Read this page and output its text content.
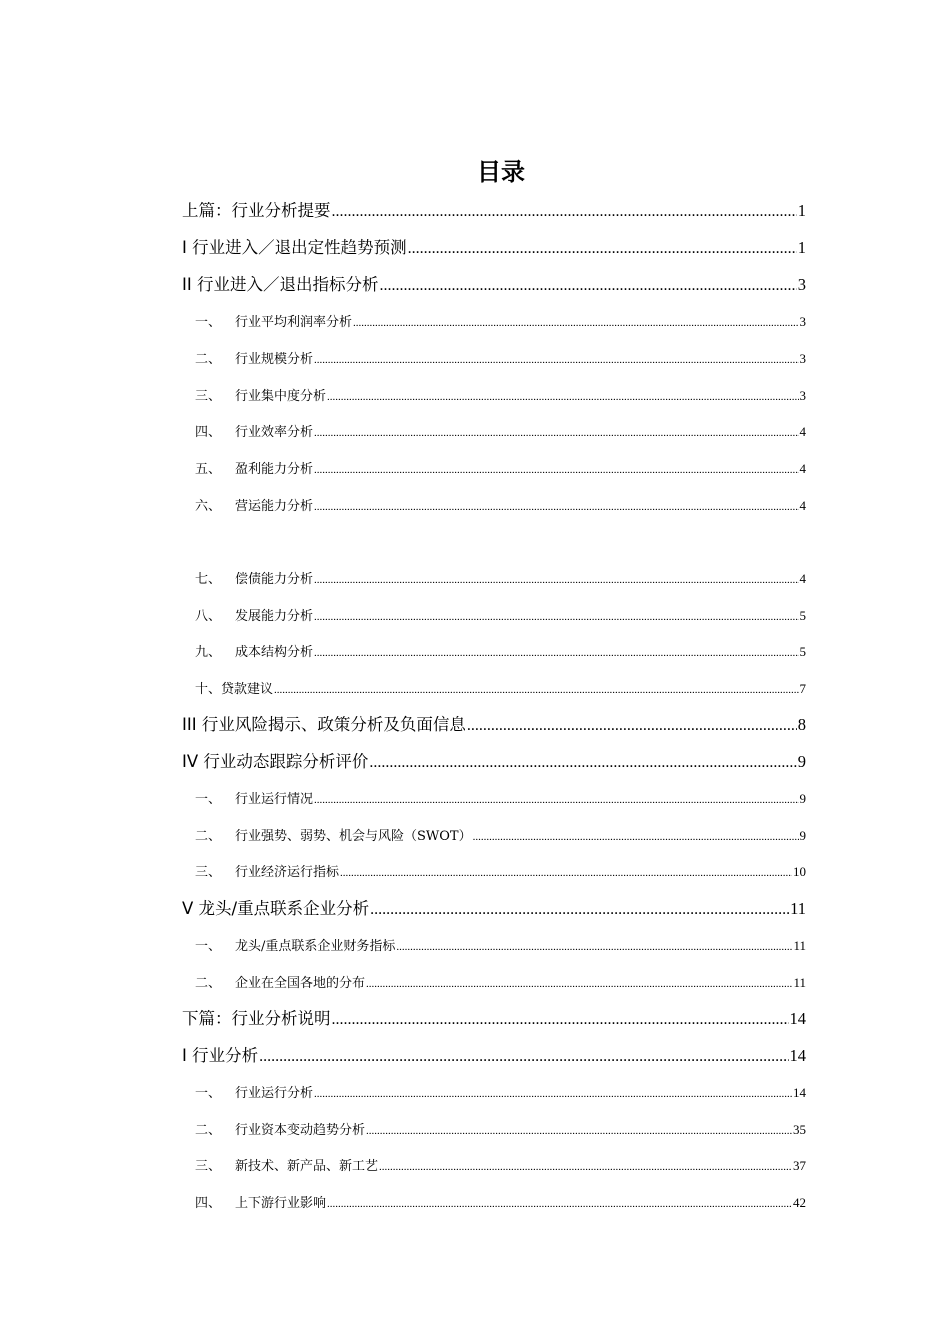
目录
上篇：行业分析提要 .....	1
I 行业进入／退出定性趋势预测 .....	1
II 行业进入／退出指标分析 .....	3
一、	行业平均利润率分析 .....	3
二、	行业规模分析 .....	3
三、	行业集中度分析 .....	3
四、	行业效率分析 .....	4
五、	盈利能力分析 .....	4
六、	营运能力分析 .....	4
七、	偿债能力分析 .....	4
八、	发展能力分析 .....	5
九、	成本结构分析 .....	5
十、 贷款建议 .....	7
III 行业风险揭示、政策分析及负面信息 .....	8
IV 行业动态跟踪分析评价 .....	9
一、	行业运行情况 .....	9
二、	行业强势、弱势、机会与风险（SWOT） .....	9
三、	行业经济运行指标 .....	10
V 龙头/重点联系企业分析 .....	11
一、	龙头/重点联系企业财务指标 .....	11
二、	企业在全国各地的分布 .....	11
下篇：行业分析说明 .....	14
I 行业分析 .....	14
一、	行业运行分析 .....	14
二、	行业资本变动趋势分析 .....	35
三、	新技术、新产品、新工艺 .....	37
四、	上下游行业影响 .....	42
